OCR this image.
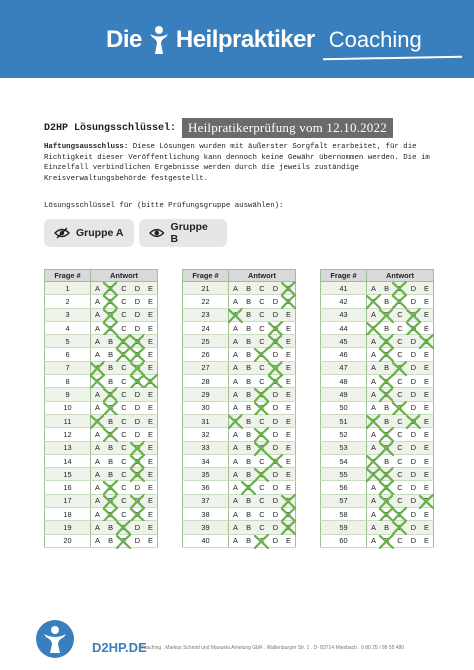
Die Heilpraktiker Coaching
D2HP Lösungsschlüssel: Heilpratikerprüfung vom 12.10.2022
Haftungsausschluss: Diese Lösungen wurden mit äußerster Sorgfalt erarbeitet, für die Richtigkeit dieser Veröffentlichung kann dennoch keine Gewähr übernommen werden. Die im Einzelfall verbindlichen Ergebnisse werden durch die jeweils zuständige Kreisverwaltungsbehörde festgestellt.
Lösungsschlüssel für (bitte Prüfungsgruppe auswählen):
Gruppe A	Gruppe B
Frage #	Antwort				
1	A	B	C	D	E
2	A	B	C	D	E
3	A	B	C	D	E
4	A	B	C	D	E
5	A	B	C	D	E
6	A	B	C	D	E
7	A	B	C	D	E
8	A	B	C	D	E

9	A	B	C	D	E
10	A	B	C	D	E
11	A	B	C	D	E
12	A	B	C	D	E
13	A	B	C	D	E
14	A	B	C	D	E
15	A	B	C	D	E
16	A	B	C	D	E
17	A	B	C	D	E
18	A	B	C	D	E
19	A	B	C	D	E
20	A	B	C	D	E
Frage #	Antwort				
21	A	B	C	D	E

22	A	B	C	D	E

23	A	B	C	D	E
24	A	B	C	D	E
25	A	B	C	D	E
26	A	B	C	D	E
27	A	B	C	D	E
28	A	B	C	D	E
29	A	B	C	D	E
30	A	B	C	D	E
31	A	B	C	D	E
32	A	B	C	D	E
33	A	B	C	D	E
34	A	B	C	D	E
35	A	B	C	D	E
36	A	B	C	D	E
37	A	B	C	D	E

38	A	B	C	D	E

39	A	B	C	D	E

40	A	B	C	D	E
Frage #	Antwort				
41	A	B	C	D	E
42	A	B	C	D	E
43	A	B	C	D	E
44	A	B	C	D	E
45	A	B	C	D	E

46	A	B	C	D	E
47	A	B	C	D	E
48	A	B	C	D	E
49	A	B	C	D	E
50	A	B	C	D	E
51	A	B	C	D	E
52	A	B	C	D	E
53	A	B	C	D	E
54	A	B	C	D	E
55	A	B	C	D	E
56	A	B	C	D	E
57	A	B	C	D	E

58	A	B	C	D	E
59	A	B	C	D	E
60	A	B	C	D	E
D2HP.DE
Coaching . Markus Schmid und Manuela Amelung GbR . Wallenburger Str. 1 . D- 83714 Miesbach . 0 80 25 / 99 55 480
